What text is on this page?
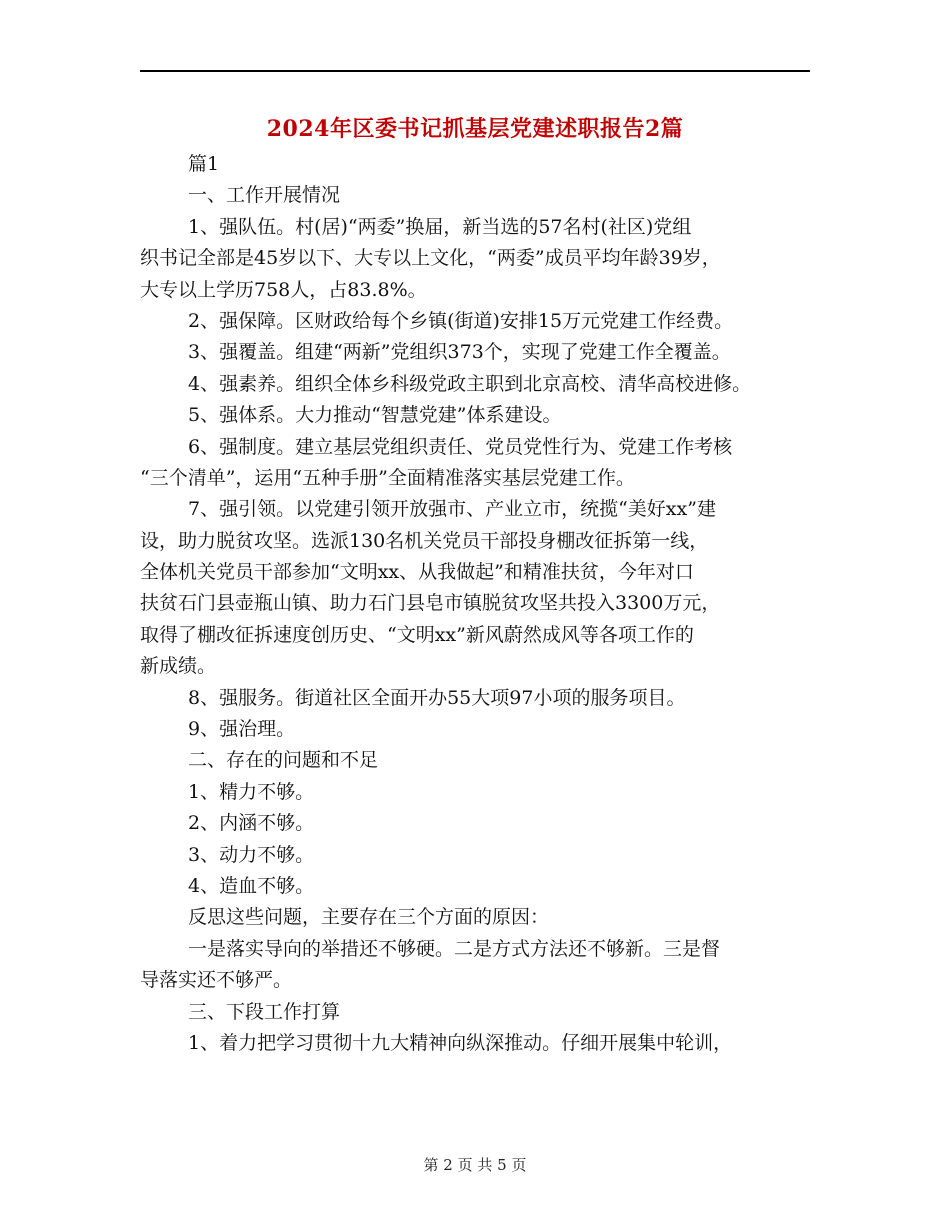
2024年区委书记抓基层党建述职报告2篇
篇1
一、工作开展情况
1、强队伍。村(居)“两委”换届，新当选的57名村(社区)党组
织书记全部是45岁以下、大专以上文化，“两委”成员平均年龄39岁，
大专以上学历758人，占83.8%。
2、强保障。区财政给每个乡镇(街道)安排15万元党建工作经费。
3、强覆盖。组建“两新”党组织373个，实现了党建工作全覆盖。
4、强素养。组织全体乡科级党政主职到北京高校、清华高校进修。
5、强体系。大力推动“智慧党建”体系建设。
6、强制度。建立基层党组织责任、党员党性行为、党建工作考核
“三个清单”，运用“五种手册”全面精准落实基层党建工作。
7、强引领。以党建引领开放强市、产业立市，统揽“美好xx”建
设，助力脱贫攻坚。选派130名机关党员干部投身棚改征拆第一线，
全体机关党员干部参加“文明xx、从我做起”和精准扶贫，今年对口
扶贫石门县壶瓶山镇、助力石门县皂市镇脱贫攻坚共投入3300万元，
取得了棚改征拆速度创历史、“文明xx”新风蔚然成风等各项工作的
新成绩。
8、强服务。街道社区全面开办55大项97小项的服务项目。
9、强治理。
二、存在的问题和不足
1、精力不够。
2、内涵不够。
3、动力不够。
4、造血不够。
反思这些问题，主要存在三个方面的原因：
一是落实导向的举措还不够硬。二是方式方法还不够新。三是督
导落实还不够严。
三、下段工作打算
1、着力把学习贯彻十九大精神向纵深推动。仔细开展集中轮训，
第 2 页 共 5 页
